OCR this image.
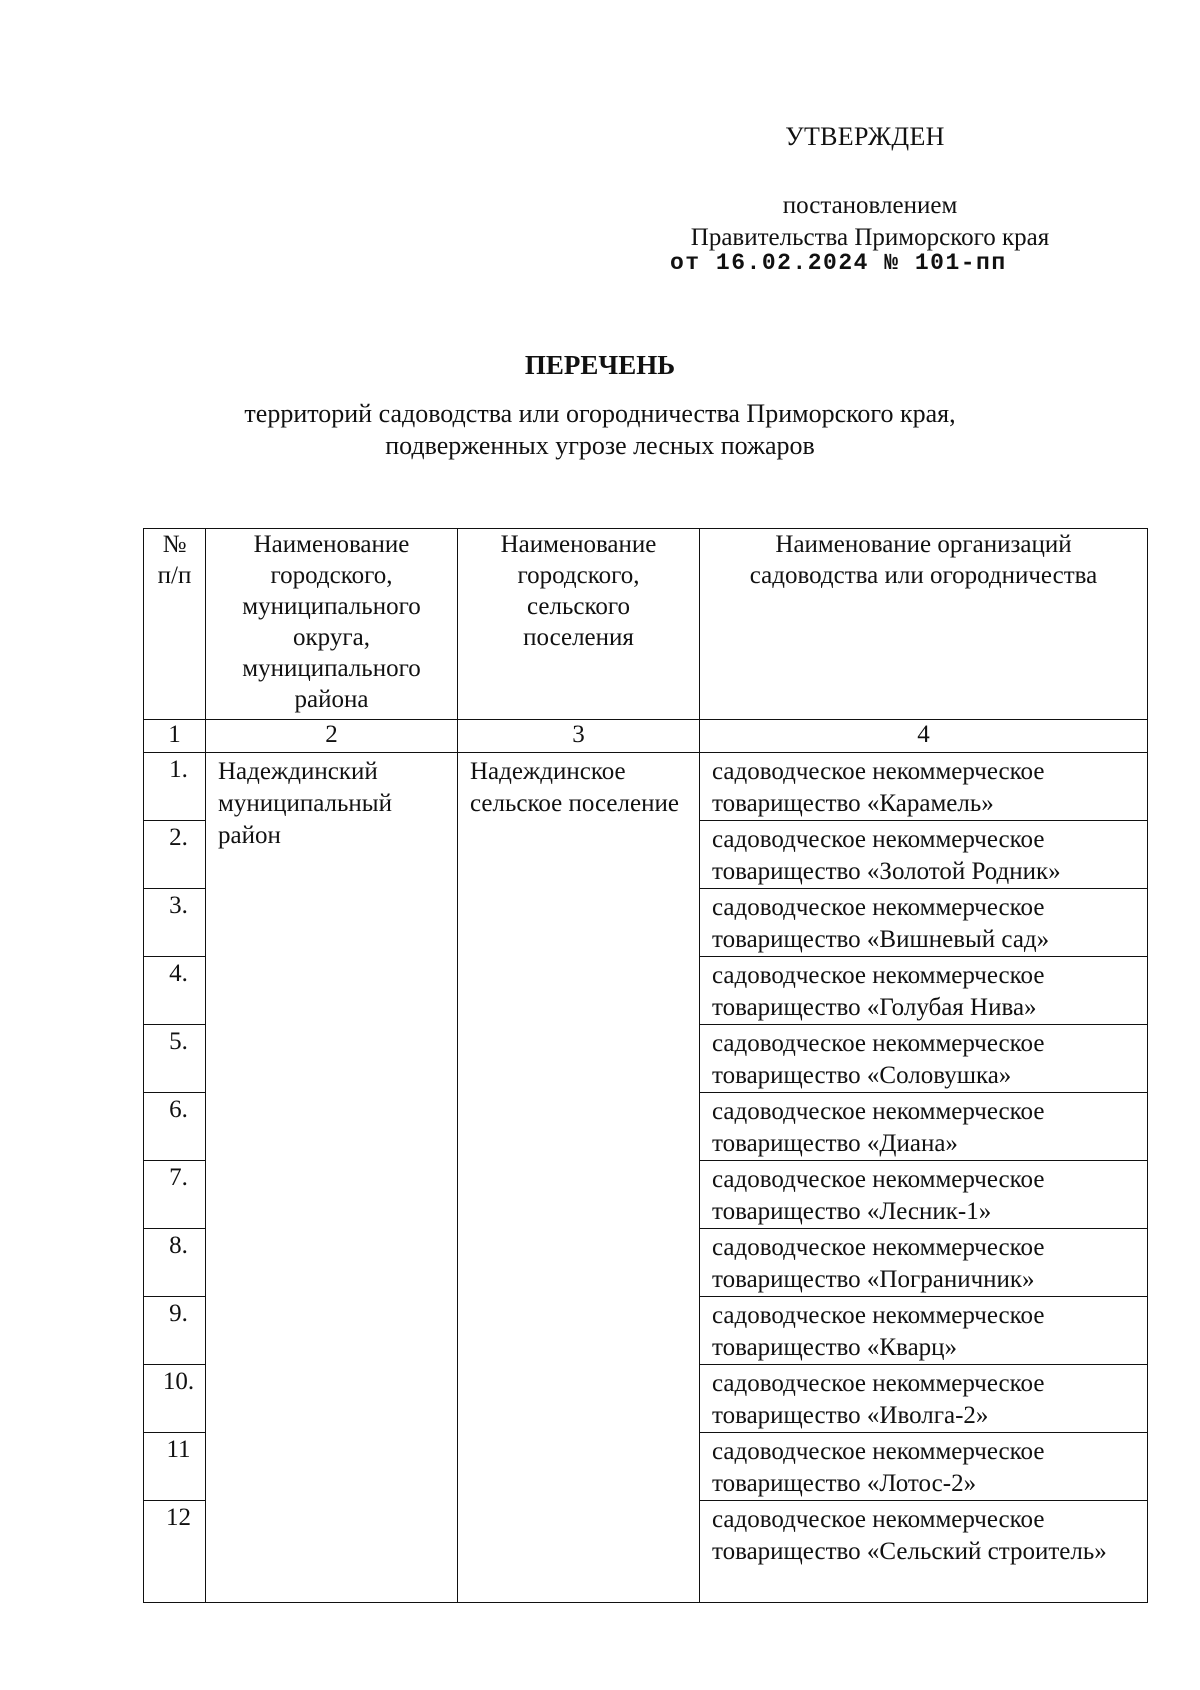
УТВЕРЖДЕН
постановлением
Правительства Приморского края
от 16.02.2024 № 101-пп
ПЕРЕЧЕНЬ
территорий садоводства или огородничества Приморского края,
подверженных угрозе лесных пожаров
№ п/п	Наименование городского, муниципального округа, муниципального района	Наименование городского, сельского поселения	Наименование организаций садоводства или огородничества
1	2	3	4

1.	Надеждинский муниципальный район	Надеждинское сельское поселение	садоводческое некоммерческое товарищество «Карамель»

2.			садоводческое некоммерческое товарищество «Золотой Родник»

3.			садоводческое некоммерческое товарищество «Вишневый сад»

4.			садоводческое некоммерческое товарищество «Голубая Нива»

5.			садоводческое некоммерческое товарищество «Соловушка»

6.			садоводческое некоммерческое товарищество «Диана»

7.			садоводческое некоммерческое товарищество «Лесник-1»

8.			садоводческое некоммерческое товарищество «Пограничник»

9.			садоводческое некоммерческое товарищество «Кварц»

10.			садоводческое некоммерческое товарищество «Иволга-2»

11			садоводческое некоммерческое товарищество «Лотос-2»

12			садоводческое некоммерческое товарищество «Сельский строитель»
